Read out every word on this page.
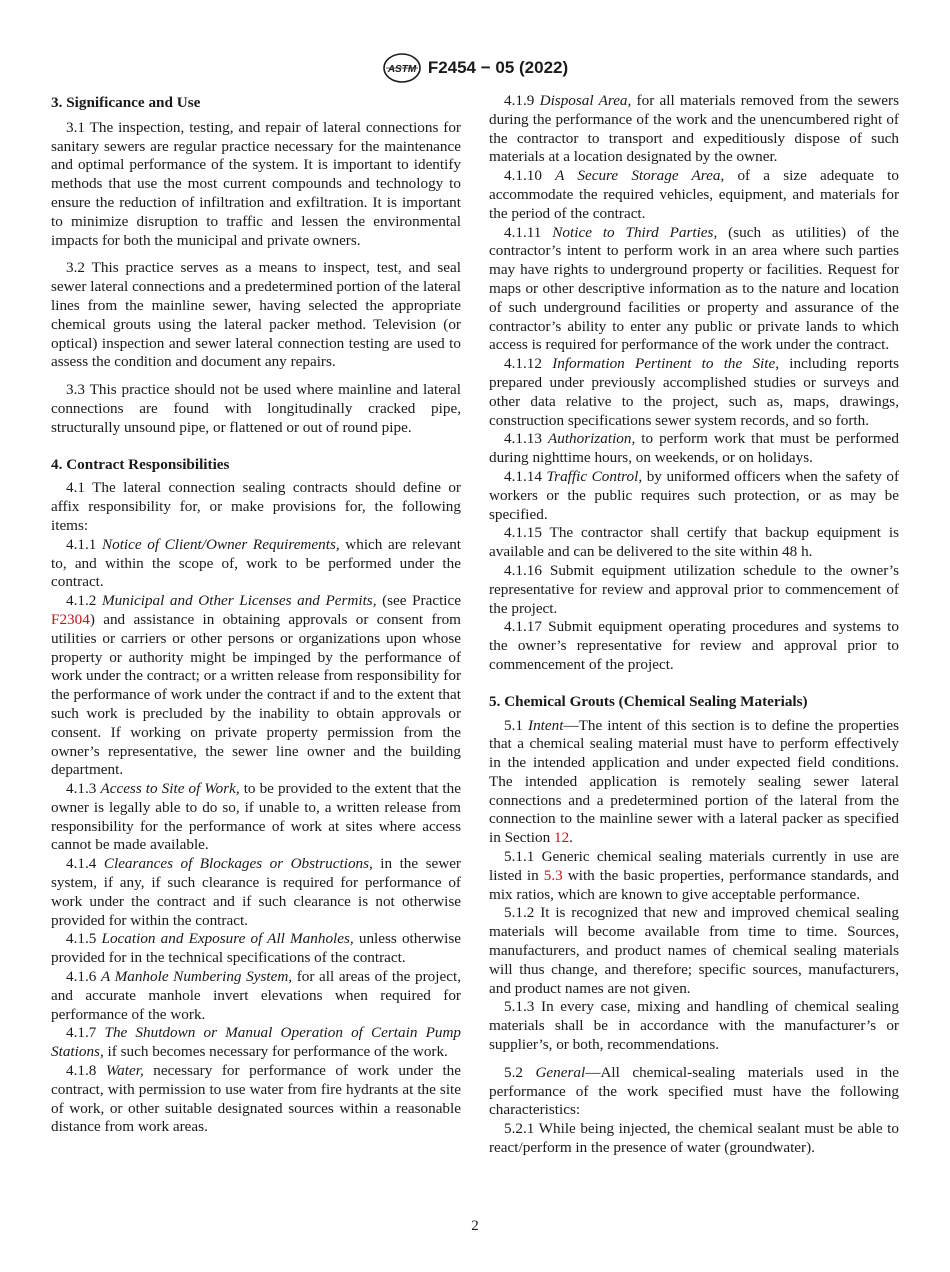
ASTM F2454 − 05 (2022)
3. Significance and Use

3.1 The inspection, testing, and repair of lateral connections for sanitary sewers are regular practice necessary for the maintenance and optimal performance of the system. It is important to identify methods that use the most current compounds and technology to ensure the reduction of infiltration and exfiltration. It is important to minimize disruption to traffic and lessen the environmental impacts for both the municipal and private owners.

3.2 This practice serves as a means to inspect, test, and seal sewer lateral connections and a predetermined portion of the lateral lines from the mainline sewer, having selected the appropriate chemical grouts using the lateral packer method. Television (or optical) inspection and sewer lateral connection testing are used to assess the condition and document any repairs.

3.3 This practice should not be used where mainline and lateral connections are found with longitudinally cracked pipe, structurally unsound pipe, or flattened or out of round pipe.

4. Contract Responsibilities

4.1 The lateral connection sealing contracts should define or affix responsibility for, or make provisions for, the following items:

4.1.1 Notice of Client/Owner Requirements, which are relevant to, and within the scope of, work to be performed under the contract.

4.1.2 Municipal and Other Licenses and Permits, (see Practice F2304) and assistance in obtaining approvals or consent from utilities or carriers or other persons or organizations upon whose property or authority might be impinged by the performance of work under the contract; or a written release from responsibility for the performance of work under the contract if and to the extent that such work is precluded by the inability to obtain approvals or consent. If working on private property permission from the owner’s representative, the sewer line owner and the building department.

4.1.3 Access to Site of Work, to be provided to the extent that the owner is legally able to do so, if unable to, a written release from responsibility for the performance of work at sites where access cannot be made available.

4.1.4 Clearances of Blockages or Obstructions, in the sewer system, if any, if such clearance is required for performance of work under the contract and if such clearance is not otherwise provided for within the contract.

4.1.5 Location and Exposure of All Manholes, unless otherwise provided for in the technical specifications of the contract.

4.1.6 A Manhole Numbering System, for all areas of the project, and accurate manhole invert elevations when required for performance of the work.

4.1.7 The Shutdown or Manual Operation of Certain Pump Stations, if such becomes necessary for performance of the work.

4.1.8 Water, necessary for performance of work under the contract, with permission to use water from fire hydrants at the site of work, or other suitable designated sources within a reasonable distance from work areas.

4.1.9 Disposal Area, for all materials removed from the sewers during the performance of the work and the unencumbered right of the contractor to transport and expeditiously dispose of such materials at a location designated by the owner.

4.1.10 A Secure Storage Area, of a size adequate to accommodate the required vehicles, equipment, and materials for the period of the contract.

4.1.11 Notice to Third Parties, (such as utilities) of the contractor’s intent to perform work in an area where such parties may have rights to underground property or facilities. Request for maps or other descriptive information as to the nature and location of such underground facilities or property and assurance of the contractor’s ability to enter any public or private lands to which access is required for performance of the work under the contract.

4.1.12 Information Pertinent to the Site, including reports prepared under previously accomplished studies or surveys and other data relative to the project, such as, maps, drawings, construction specifications sewer system records, and so forth.

4.1.13 Authorization, to perform work that must be performed during nighttime hours, on weekends, or on holidays.

4.1.14 Traffic Control, by uniformed officers when the safety of workers or the public requires such protection, or as may be specified.

4.1.15 The contractor shall certify that backup equipment is available and can be delivered to the site within 48 h.

4.1.16 Submit equipment utilization schedule to the owner’s representative for review and approval prior to commencement of the project.

4.1.17 Submit equipment operating procedures and systems to the owner’s representative for review and approval prior to commencement of the project.

5. Chemical Grouts (Chemical Sealing Materials)

5.1 Intent—The intent of this section is to define the properties that a chemical sealing material must have to perform effectively in the intended application and under expected field conditions. The intended application is remotely sealing sewer lateral connections and a predetermined portion of the lateral from the connection to the mainline sewer with a lateral packer as specified in Section 12.

5.1.1 Generic chemical sealing materials currently in use are listed in 5.3 with the basic properties, performance standards, and mix ratios, which are known to give acceptable performance.

5.1.2 It is recognized that new and improved chemical sealing materials will become available from time to time. Sources, manufacturers, and product names of chemical sealing materials will thus change, and therefore; specific sources, manufacturers, and product names are not given.

5.1.3 In every case, mixing and handling of chemical sealing materials shall be in accordance with the manufacturer’s or supplier’s, or both, recommendations.

5.2 General—All chemical-sealing materials used in the performance of the work specified must have the following characteristics:

5.2.1 While being injected, the chemical sealant must be able to react/perform in the presence of water (groundwater).

2
